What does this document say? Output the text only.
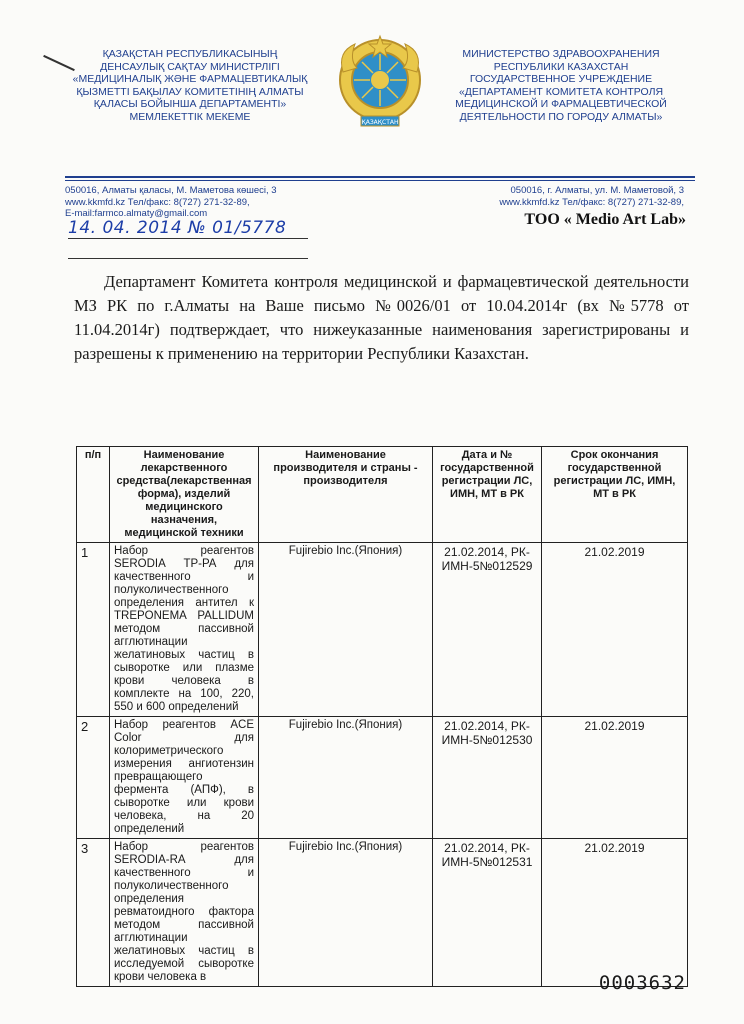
ҚАЗАҚСТАН РЕСПУБЛИКАСЫНЫҢ
ДЕНСАУЛЫҚ САҚТАУ МИНИСТРЛІГІ
«МЕДИЦИНАЛЫҚ ЖӘНЕ ФАРМАЦЕВТИКАЛЫҚ
ҚЫЗМЕТТІ БАҚЫЛАУ КОМИТЕТІНІҢ АЛМАТЫ
ҚАЛАСЫ БОЙЫНША ДЕПАРТАМЕНТІ»
МЕМЛЕКЕТТІК МЕКЕМЕ	ҚАЗАҚСТАН
МИНИСТЕРСТВО ЗДРАВООХРАНЕНИЯ
РЕСПУБЛИКИ КАЗАХСТАН
ГОСУДАРСТВЕННОЕ УЧРЕЖДЕНИЕ
«ДЕПАРТАМЕНТ КОМИТЕТА КОНТРОЛЯ
МЕДИЦИНСКОЙ И ФАРМАЦЕВТИЧЕСКОЙ
ДЕЯТЕЛЬНОСТИ ПО ГОРОДУ АЛМАТЫ»
050016, Алматы қаласы, М. Маметова көшесі, 3
www.kkmfd.kz Тел/факс: 8(727) 271-32-89,
E-mail:farmco.almaty@gmail.com
050016, г. Алматы, ул. М. Маметовой, 3
www.kkmfd.kz Тел/факс: 8(727) 271-32-89,
ТОО « Medio Art Lab»
14. 04. 2014 № 01/5778
Департамент Комитета контроля медицинской и фармацевтической деятельности МЗ РК по г.Алматы на Ваше письмо №0026/01 от 10.04.2014г (вх №5778 от 11.04.2014г) подтверждает, что нижеуказанные наименования зарегистрированы и разрешены к применению на территории Республики Казахстан.
п/п	Наименование лекарственного средства(лекарственная форма), изделий медицинского назначения, медицинской техники	Наименование производителя и страны - производителя	Дата и № государственной регистрации ЛС, ИМН, МТ в РК	Срок окончания государственной регистрации ЛС, ИМН, МТ в РК
1	Набор реагентов SERODIA TP-PA для качественного и полуколичественного определения антител к TREPONEMA PALLIDUM методом пассивной агглютинации желатиновых частиц в сыворотке или плазме крови человека в комплекте на 100, 220, 550 и 600 определений	Fujirebio Inc.(Япония)	21.02.2014, РК-ИМН-5№012529	21.02.2019
2	Набор реагентов ACE Color для колориметрического измерения ангиотензин превращающего фермента (АПФ), в сыворотке или крови человека, на 20 определений	Fujirebio Inc.(Япония)	21.02.2014, РК-ИМН-5№012530	21.02.2019
3	Набор реагентов SERODIA-RA для качественного и полуколичественного определения ревматоидного фактора методом пассивной агглютинации желатиновых частиц в исследуемой сыворотке крови человека в	Fujirebio Inc.(Япония)	21.02.2014, РК-ИМН-5№012531	21.02.2019
0003632
